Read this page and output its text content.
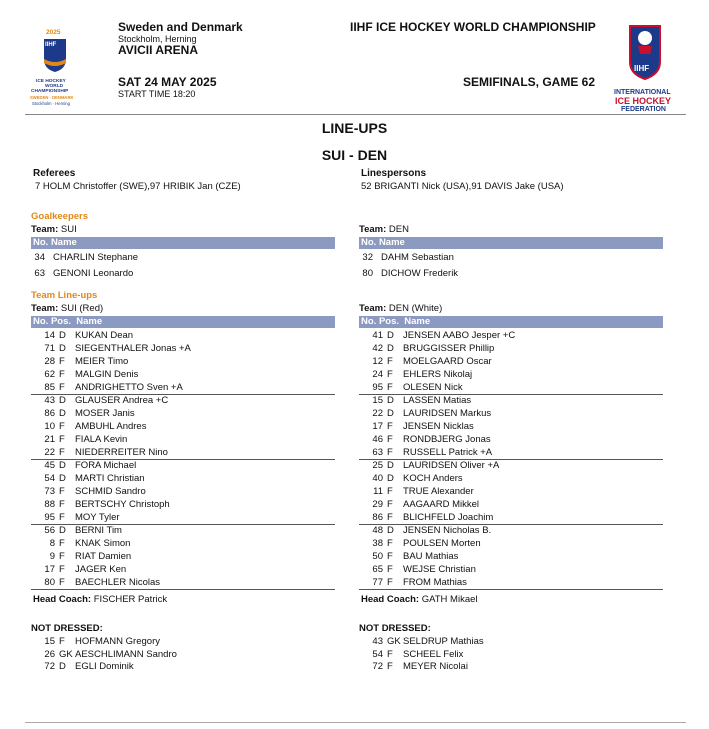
2025
IIHF
ICE HOCKEY
WORLD
CHAMPIONSHIP
SWEDEN · DENMARK
Stockholm · Herning
Sweden and Denmark
Stockholm, Herning
AVICII ARENA
SAT 24 MAY 2025
START TIME 18:20
IIHF ICE HOCKEY WORLD CHAMPIONSHIP
SEMIFINALS, GAME 62
IIHF
INTERNATIONAL
ICE HOCKEY
FEDERATION
LINE-UPS
SUI - DEN
Referees
7 HOLM Christoffer (SWE),97 HRIBIK Jan (CZE)
Linespersons
52 BRIGANTI Nick (USA),91 DAVIS Jake (USA)
Goalkeepers
Team: SUI
No. Name
34 CHARLIN Stephane
63 GENONI Leonardo
Team: DEN
No. Name
32 DAHM Sebastian
80 DICHOW Frederik
Team Line-ups
Team: SUI (Red)
No. Pos.  Name
14 D KUKAN Dean
71 D SIEGENTHALER Jonas +A
28 F MEIER Timo
62 F MALGIN Denis
85 F ANDRIGHETTO Sven +A
43 D GLAUSER Andrea +C
86 D MOSER Janis
10 F AMBUHL Andres
21 F FIALA Kevin
22 F NIEDERREITER Nino
45 D FORA Michael
54 D MARTI Christian
73 F SCHMID Sandro
88 F BERTSCHY Christoph
95 F MOY Tyler
56 D BERNI Tim
8 F KNAK Simon
9 F RIAT Damien
17 F JAGER Ken
80 F BAECHLER Nicolas
Team: DEN (White)
No. Pos.  Name
41 D JENSEN AABO Jesper +C
42 D BRUGGISSER Phillip
12 F MOELGAARD Oscar
24 F EHLERS Nikolaj
95 F OLESEN Nick
15 D LASSEN Matias
22 D LAURIDSEN Markus
17 F JENSEN Nicklas
46 F RONDBJERG Jonas
63 F RUSSELL Patrick +A
25 D LAURIDSEN Oliver +A
40 D KOCH Anders
11 F TRUE Alexander
29 F AAGAARD Mikkel
86 F BLICHFELD Joachim
48 D JENSEN Nicholas B.
38 F POULSEN Morten
50 F BAU Mathias
65 F WEJSE Christian
77 F FROM Mathias
Head Coach: FISCHER Patrick	Head Coach: GATH Mikael
NOT DRESSED:	NOT DRESSED:
15 F HOFMANN Gregory
26 GK AESCHLIMANN Sandro
72 D EGLI Dominik
43 GK SELDRUP Mathias
54 F SCHEEL Felix
72 F MEYER Nicolai
